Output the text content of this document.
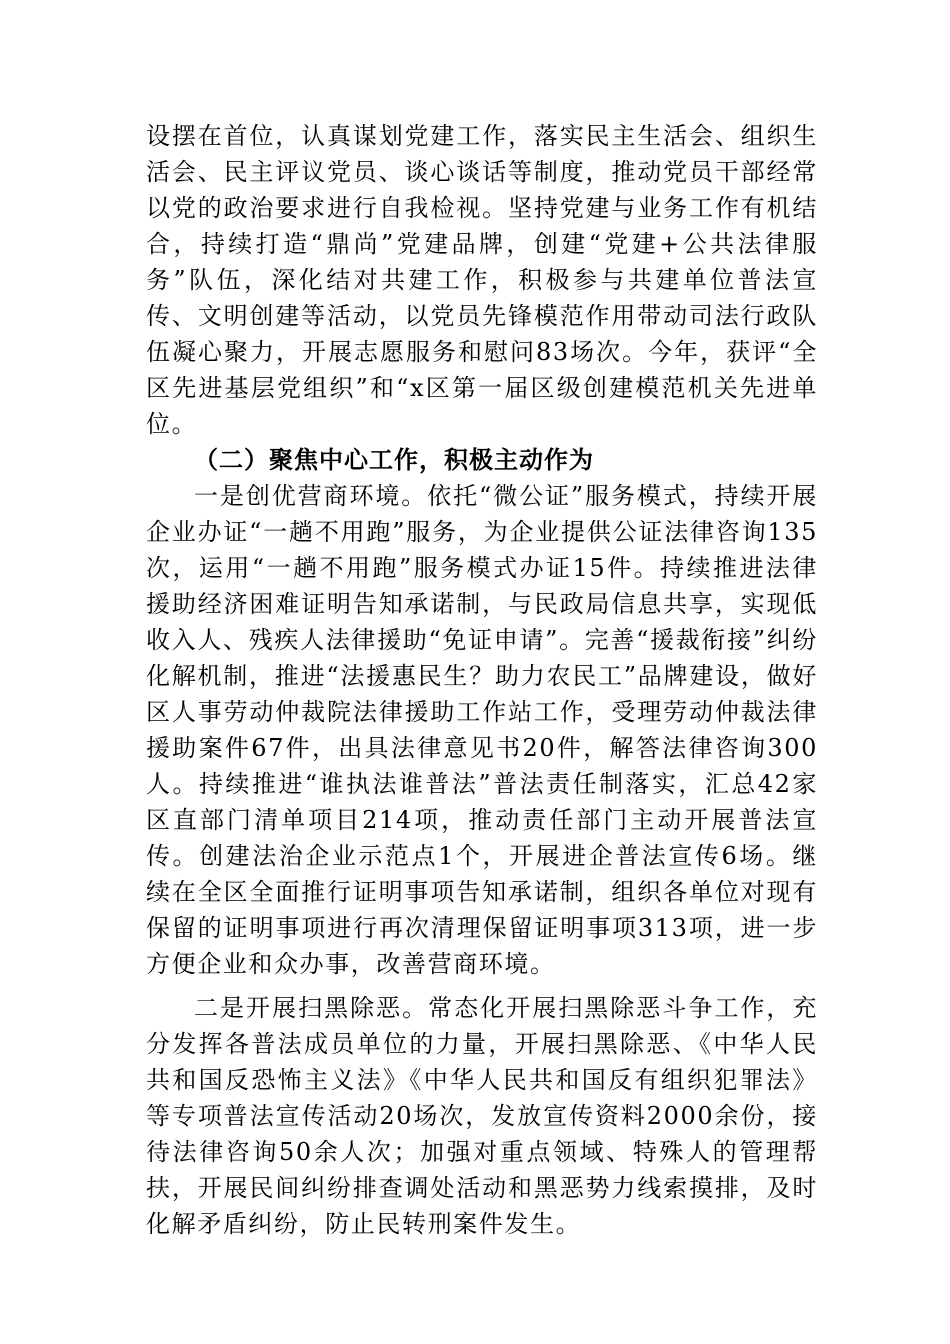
设摆在首位，认真谋划党建工作，落实民主生活会、组织生活会、民主评议党员、谈心谈话等制度，推动党员干部经常以党的政治要求进行自我检视。坚持党建与业务工作有机结合，持续打造“鼎尚”党建品牌，创建“党建+公共法律服务”队伍，深化结对共建工作，积极参与共建单位普法宣传、文明创建等活动，以党员先锋模范作用带动司法行政队伍凝心聚力，开展志愿服务和慰问83场次。今年，获评“全区先进基层党组织”和“x区第一届区级创建模范机关先进单位。

（二）聚焦中心工作，积极主动作为

一是创优营商环境。依托“微公证”服务模式，持续开展企业办证“一趟不用跑”服务，为企业提供公证法律咨询135次，运用“一趟不用跑”服务模式办证15件。持续推进法律援助经济困难证明告知承诺制，与民政局信息共享，实现低收入人、残疾人法律援助“免证申请”。完善“援裁衔接”纠纷化解机制，推进“法援惠民生？助力农民工”品牌建设，做好区人事劳动仲裁院法律援助工作站工作，受理劳动仲裁法律援助案件67件，出具法律意见书20件，解答法律咨询300人。持续推进“谁执法谁普法”普法责任制落实，汇总42家区直部门清单项目214项，推动责任部门主动开展普法宣传。创建法治企业示范点1个，开展进企普法宣传6场。继续在全区全面推行证明事项告知承诺制，组织各单位对现有保留的证明事项进行再次清理保留证明事项313项，进一步方便企业和众办事，改善营商环境。

二是开展扫黑除恶。常态化开展扫黑除恶斗争工作，充分发挥各普法成员单位的力量，开展扫黑除恶、《中华人民共和国反恐怖主义法》《中华人民共和国反有组织犯罪法》等专项普法宣传活动20场次，发放宣传资料2000余份，接待法律咨询50余人次；加强对重点领域、特殊人的管理帮扶，开展民间纠纷排查调处活动和黑恶势力线索摸排，及时化解矛盾纠纷，防止民转刑案件发生。
